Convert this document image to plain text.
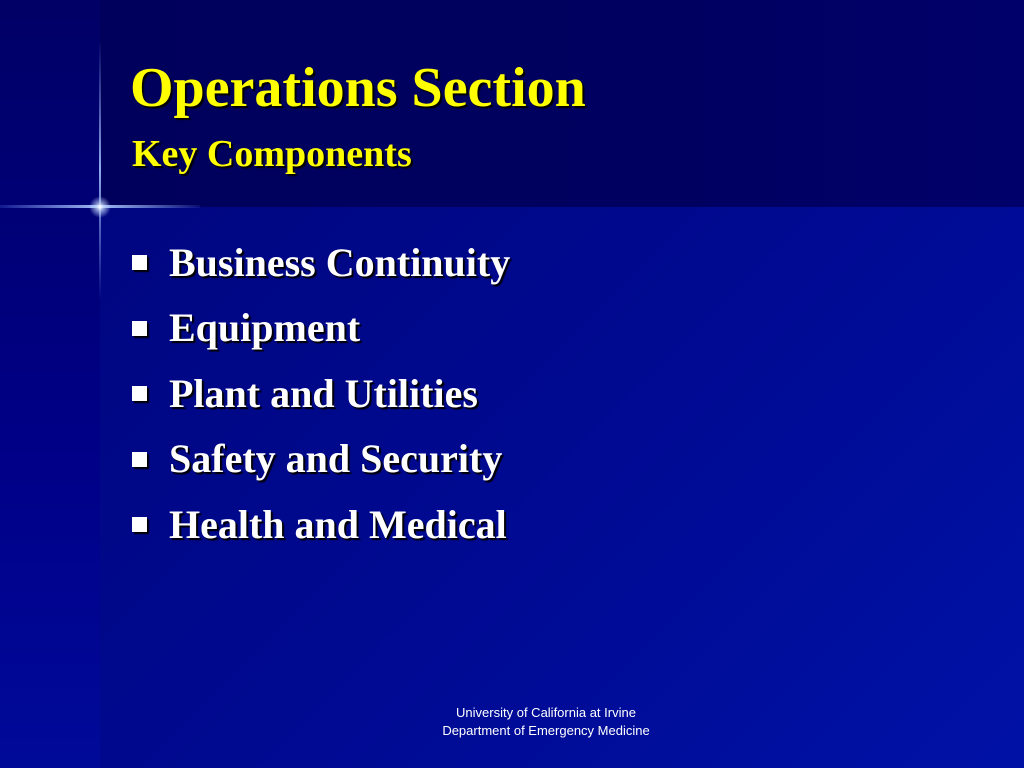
Operations Section
Key Components
Business Continuity
Equipment
Plant and Utilities
Safety and Security
Health and Medical
University of California at Irvine
Department of Emergency Medicine
